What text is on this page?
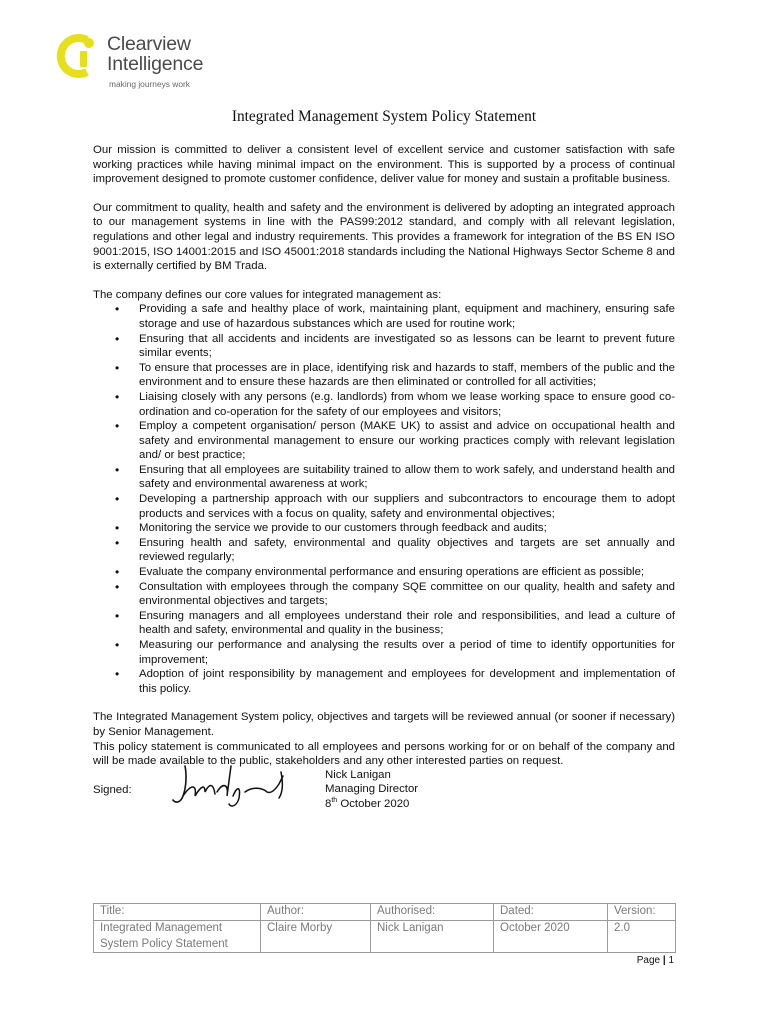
Clearview
Intelligence
making journeys work
Integrated Management System Policy Statement

Our mission is committed to deliver a consistent level of excellent service and customer satisfaction with safe working practices while having minimal impact on the environment. This is supported by a process of continual improvement designed to promote customer confidence, deliver value for money and sustain a profitable business.

Our commitment to quality, health and safety and the environment is delivered by adopting an integrated approach to our management systems in line with the PAS99:2012 standard, and comply with all relevant legislation, regulations and other legal and industry requirements. This provides a framework for integration of the BS EN ISO 9001:2015, ISO 14001:2015 and ISO 45001:2018 standards including the National Highways Sector Scheme 8 and is externally certified by BM Trada.

The company defines our core values for integrated management as:

• Providing a safe and healthy place of work, maintaining plant, equipment and machinery, ensuring safe storage and use of hazardous substances which are used for routine work;
• Ensuring that all accidents and incidents are investigated so as lessons can be learnt to prevent future similar events;
• To ensure that processes are in place, identifying risk and hazards to staff, members of the public and the environment and to ensure these hazards are then eliminated or controlled for all activities;
• Liaising closely with any persons (e.g. landlords) from whom we lease working space to ensure good co-ordination and co-operation for the safety of our employees and visitors;
• Employ a competent organisation/ person (MAKE UK) to assist and advice on occupational health and safety and environmental management to ensure our working practices comply with relevant legislation and/ or best practice;
• Ensuring that all employees are suitability trained to allow them to work safely, and understand health and safety and environmental awareness at work;
• Developing a partnership approach with our suppliers and subcontractors to encourage them to adopt products and services with a focus on quality, safety and environmental objectives;
• Monitoring the service we provide to our customers through feedback and audits;
• Ensuring health and safety, environmental and quality objectives and targets are set annually and reviewed regularly;
• Evaluate the company environmental performance and ensuring operations are efficient as possible;
• Consultation with employees through the company SQE committee on our quality, health and safety and environmental objectives and targets;
• Ensuring managers and all employees understand their role and responsibilities, and lead a culture of health and safety, environmental and quality in the business;
• Measuring our performance and analysing the results over a period of time to identify opportunities for improvement;
• Adoption of joint responsibility by management and employees for development and implementation of this policy.

The Integrated Management System policy, objectives and targets will be reviewed annual (or sooner if necessary) by Senior Management.

This policy statement is communicated to all employees and persons working for or on behalf of the company and will be made available to the public, stakeholders and any other interested parties on request.

Signed:
Nick Lanigan
Managing Director
8th October 2020
Title:	Author:	Authorised:	Dated:	Version:
Integrated Management System Policy Statement	Claire Morby	Nick Lanigan	October 2020	2.0
Page | 1
